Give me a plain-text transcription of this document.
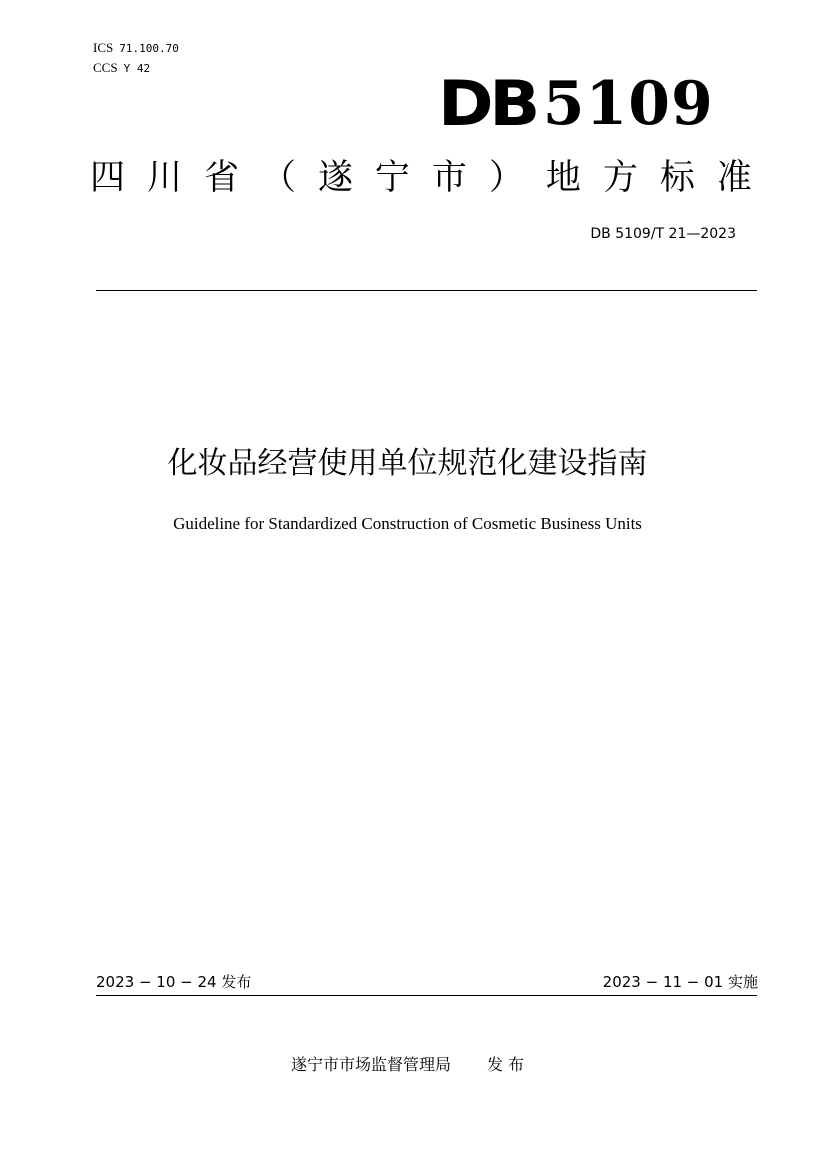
ICS 71.100.70
CCS Y 42	DB 5109
四 川 省 （ 遂 宁 市 ） 地 方 标 准
DB 5109/T 21—2023
化妆品经营使用单位规范化建设指南
Guideline for Standardized Construction of Cosmetic Business Units
2023 − 10 − 24 发布	2023 − 11 − 01 实施
遂宁市市场监督管理局 发 布
